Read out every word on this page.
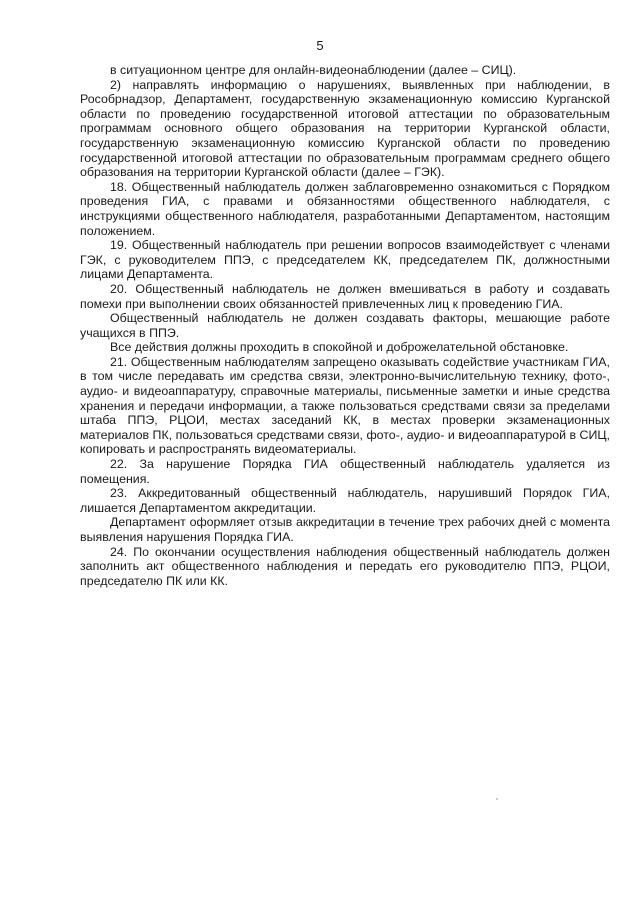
5

в ситуационном центре для онлайн-видеонаблюдении (далее – СИЦ).

2) направлять информацию о нарушениях, выявленных при наблюдении, в Рособрнадзор, Департамент, государственную экзаменационную комиссию Курганской области по проведению государственной итоговой аттестации по образовательным программам основного общего образования на территории Курганской области, государственную экзаменационную комиссию Курганской области по проведению государственной итоговой аттестации по образовательным программам среднего общего образования на территории Курганской области (далее – ГЭК).

18. Общественный наблюдатель должен заблаговременно ознакомиться с Порядком проведения ГИА, с правами и обязанностями общественного наблюдателя, с инструкциями общественного наблюдателя, разработанными Департаментом, настоящим положением.

19. Общественный наблюдатель при решении вопросов взаимодействует с членами ГЭК, с руководителем ППЭ, с председателем КК, председателем ПК, должностными лицами Департамента.

20. Общественный наблюдатель не должен вмешиваться в работу и создавать помехи при выполнении своих обязанностей привлеченных лиц к проведению ГИА.

Общественный наблюдатель не должен создавать факторы, мешающие работе учащихся в ППЭ.

Все действия должны проходить в спокойной и доброжелательной обстановке.

21. Общественным наблюдателям запрещено оказывать содействие участникам ГИА, в том числе передавать им средства связи, электронно-вычислительную технику, фото-, аудио- и видеоаппаратуру, справочные материалы, письменные заметки и иные средства хранения и передачи информации, а также пользоваться средствами связи за пределами штаба ППЭ, РЦОИ, местах заседаний КК, в местах проверки экзаменационных материалов ПК, пользоваться средствами связи, фото-, аудио- и видеоаппаратурой в СИЦ, копировать и распространять видеоматериалы.

22. За нарушение Порядка ГИА общественный наблюдатель удаляется из помещения.

23. Аккредитованный общественный наблюдатель, нарушивший Порядок ГИА, лишается Департаментом аккредитации.

Департамент оформляет отзыв аккредитации в течение трех рабочих дней с момента выявления нарушения Порядка ГИА.

24. По окончании осуществления наблюдения общественный наблюдатель должен заполнить акт общественного наблюдения и передать его руководителю ППЭ, РЦОИ, председателю ПК или КК.
